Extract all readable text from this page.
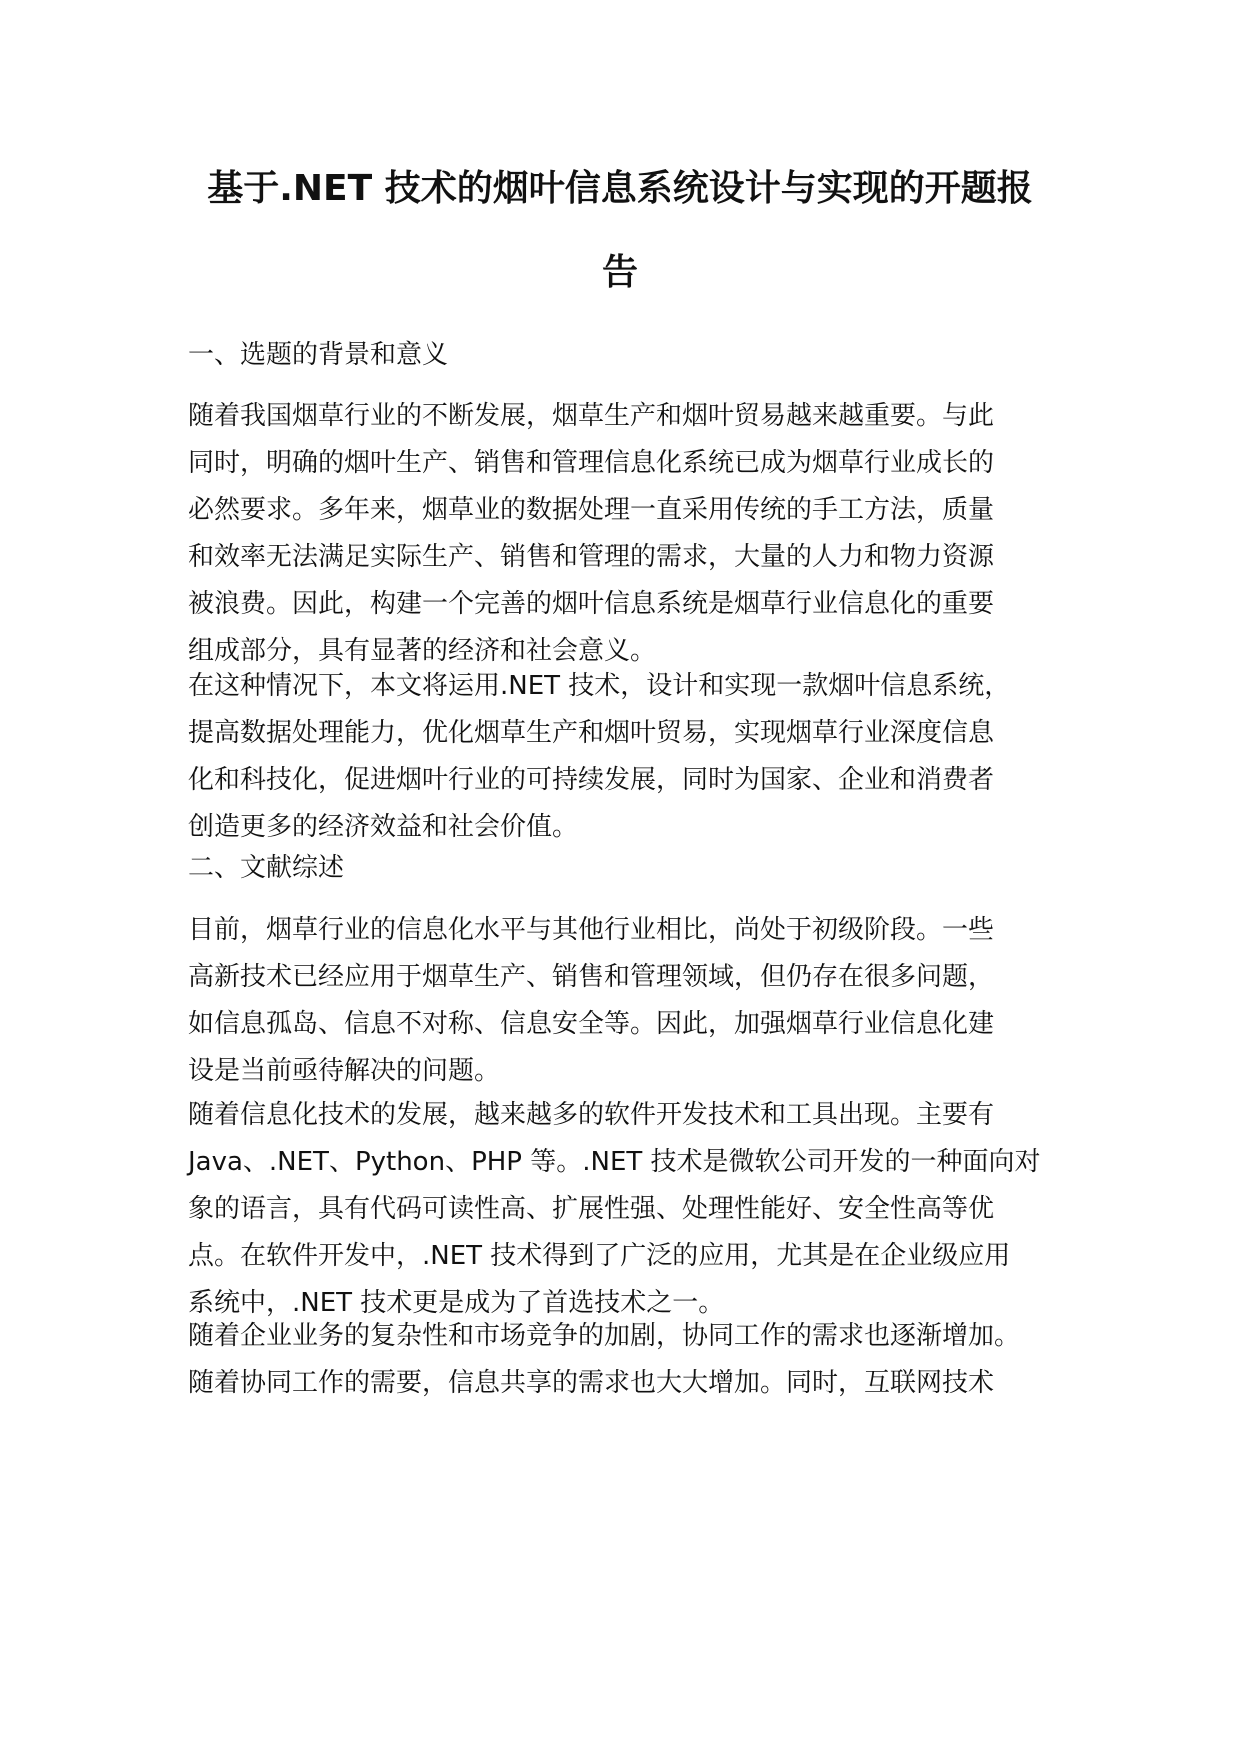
基于.NET 技术的烟叶信息系统设计与实现的开题报
告
一、选题的背景和意义
随着我国烟草行业的不断发展，烟草生产和烟叶贸易越来越重要。与此
同时，明确的烟叶生产、销售和管理信息化系统已成为烟草行业成长的
必然要求。多年来，烟草业的数据处理一直采用传统的手工方法，质量
和效率无法满足实际生产、销售和管理的需求，大量的人力和物力资源
被浪费。因此，构建一个完善的烟叶信息系统是烟草行业信息化的重要
组成部分，具有显著的经济和社会意义。
在这种情况下，本文将运用.NET 技术，设计和实现一款烟叶信息系统，
提高数据处理能力，优化烟草生产和烟叶贸易，实现烟草行业深度信息
化和科技化，促进烟叶行业的可持续发展，同时为国家、企业和消费者
创造更多的经济效益和社会价值。
二、文献综述
目前，烟草行业的信息化水平与其他行业相比，尚处于初级阶段。一些
高新技术已经应用于烟草生产、销售和管理领域，但仍存在很多问题，
如信息孤岛、信息不对称、信息安全等。因此，加强烟草行业信息化建
设是当前亟待解决的问题。
随着信息化技术的发展，越来越多的软件开发技术和工具出现。主要有
Java、.NET、Python、PHP 等。.NET 技术是微软公司开发的一种面向对
象的语言，具有代码可读性高、扩展性强、处理性能好、安全性高等优
点。在软件开发中，.NET 技术得到了广泛的应用，尤其是在企业级应用
系统中，.NET 技术更是成为了首选技术之一。
随着企业业务的复杂性和市场竞争的加剧，协同工作的需求也逐渐增加。
随着协同工作的需要，信息共享的需求也大大增加。同时，互联网技术
